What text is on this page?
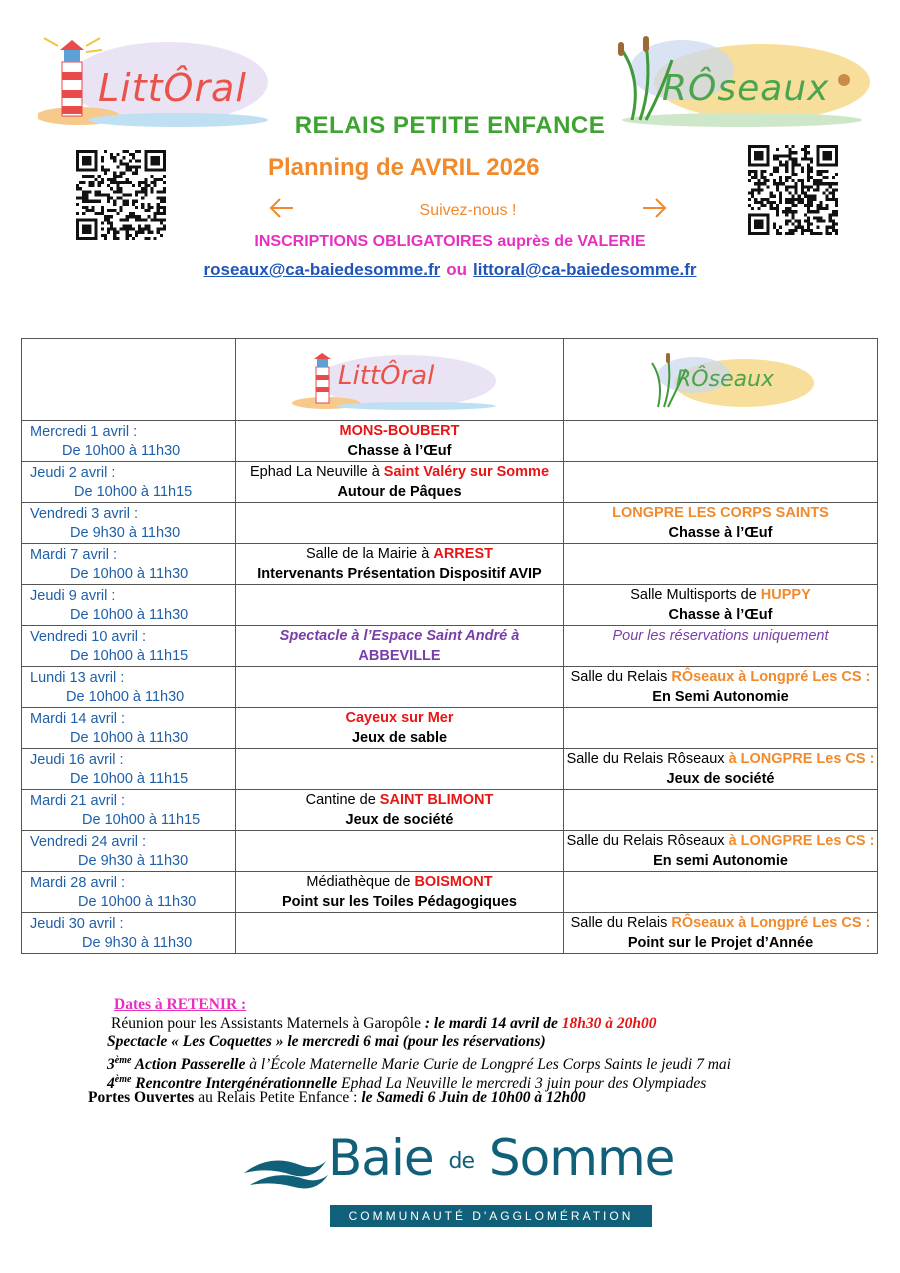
LittÔral	RÔseaux
RELAIS PETITE ENFANCE
Planning de AVRIL 2026
Suivez-nous !
INSCRIPTIONS OBLIGATOIRES auprès de VALERIE
roseaux@ca-baiedesomme.fr ou littoral@ca-baiedesomme.fr

	LittÔral	RÔseaux

Mercredi 1 avril :
De 10h00 à 11h30	MONS-BOUBERT
Chasse à l’Œuf	

Jeudi 2 avril :
De 10h00 à 11h15	Ephad La Neuville à Saint Valéry sur Somme
Autour de Pâques	

Vendredi 3 avril :
De 9h30 à 11h30		LONGPRE LES CORPS SAINTS
Chasse à l’Œuf

Mardi 7 avril :
De 10h00 à 11h30	Salle de la Mairie à ARREST
Intervenants Présentation Dispositif AVIP	

Jeudi 9 avril :
De 10h00 à 11h30		Salle Multisports de HUPPY
Chasse à l’Œuf

Vendredi 10 avril :
De 10h00 à 11h15	Spectacle à l’Espace Saint André à
ABBEVILLE	Pour les réservations uniquement

Lundi 13 avril :
De 10h00 à 11h30		Salle du Relais RÔseaux à Longpré Les CS :
En Semi Autonomie

Mardi 14 avril :
De 10h00 à 11h30	Cayeux sur Mer
Jeux de sable	

Jeudi 16 avril :
De 10h00 à 11h15		Salle du Relais Rôseaux à LONGPRE Les CS :
Jeux de société

Mardi 21 avril :
De 10h00 à 11h15	Cantine de SAINT BLIMONT
Jeux de société	

Vendredi 24 avril :
De 9h30 à 11h30		Salle du Relais Rôseaux à LONGPRE Les CS :
En semi Autonomie

Mardi 28 avril :
De 10h00 à 11h30	Médiathèque de BOISMONT
Point sur les Toiles Pédagogiques	

Jeudi 30 avril :
De 9h30 à 11h30		Salle du Relais RÔseaux à Longpré Les CS :
Point sur le Projet d’Année
Dates à RETENIR :
Réunion pour les Assistants Maternels à Garopôle : le mardi 14 avril de 18h30 à 20h00
Spectacle « Les Coquettes » le mercredi 6 mai (pour les réservations)
3ème Action Passerelle à l’École Maternelle Marie Curie de Longpré Les Corps Saints le jeudi 7 mai
4ème Rencontre Intergénérationnelle Ephad La Neuville le mercredi 3 juin pour des Olympiades
Portes Ouvertes au Relais Petite Enfance : le Samedi 6 Juin de 10h00 à 12h00
Baie de Somme
COMMUNAUTÉ D'AGGLOMÉRATION
